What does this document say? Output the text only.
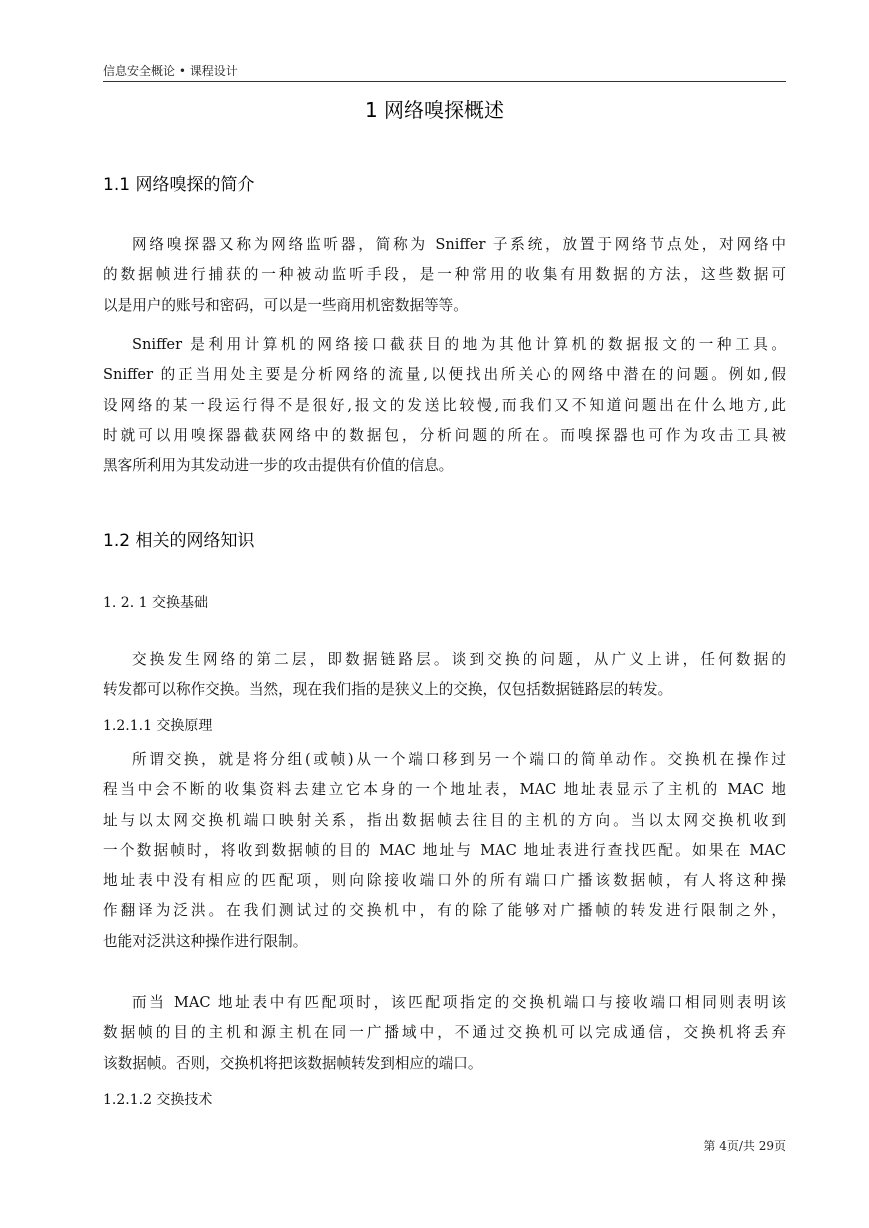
信息安全概论 • 课程设计
1 网络嗅探概述
1.1 网络嗅探的简介

网络嗅探器又称为网络监听器，简称为 Sniffer 子系统，放置于网络节点处，对网络中
的数据帧进行捕获的一种被动监听手段，是一种常用的收集有用数据的方法，这些数据可
以是用户的账号和密码，可以是一些商用机密数据等等。

Sniffer 是利用计算机的网络接口截获目的地为其他计算机的数据报文的一种工具。
Sniffer 的正当用处主要是分析网络的流量,以便找出所关心的网络中潜在的问题。例如,假
设网络的某一段运行得不是很好,报文的发送比较慢,而我们又不知道问题出在什么地方,此
时就可以用嗅探器截获网络中的数据包，分析问题的所在。而嗅探器也可作为攻击工具被
黑客所利用为其发动进一步的攻击提供有价值的信息。

1.2 相关的网络知识
1. 2. 1 交换基础

交换发生网络的第二层，即数据链路层。谈到交换的问题，从广义上讲，任何数据的
转发都可以称作交换。当然，现在我们指的是狭义上的交换，仅包括数据链路层的转发。

1.2.1.1 交换原理

所谓交换，就是将分组(或帧)从一个端口移到另一个端口的简单动作。交换机在操作过
程当中会不断的收集资料去建立它本身的一个地址表，MAC 地址表显示了主机的 MAC 地
址与以太网交换机端口映射关系，指出数据帧去往目的主机的方向。当以太网交换机收到
一个数据帧时，将收到数据帧的目的 MAC 地址与 MAC 地址表进行查找匹配。如果在 MAC
地址表中没有相应的匹配项，则向除接收端口外的所有端口广播该数据帧，有人将这种操
作翻译为泛洪。在我们测试过的交换机中，有的除了能够对广播帧的转发进行限制之外，
也能对泛洪这种操作进行限制。

而当 MAC 地址表中有匹配项时，该匹配项指定的交换机端口与接收端口相同则表明该
数据帧的目的主机和源主机在同一广播域中，不通过交换机可以完成通信，交换机将丢弃
该数据帧。否则，交换机将把该数据帧转发到相应的端口。

1.2.1.2 交换技术
第 4页/共 29页
